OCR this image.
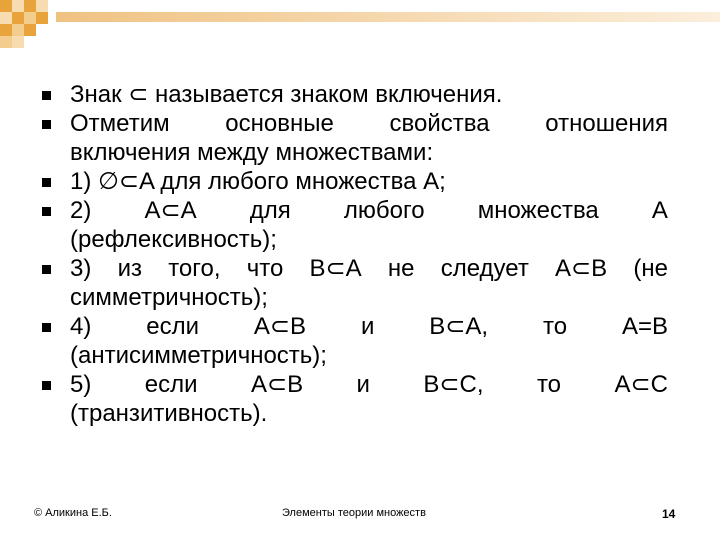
Знак ⊂ называется знаком включения.
Отметим основные свойства отношения
включения между множествами:
1) ∅⊂A для любого множества A;
2) A⊂A для любого множества A
(рефлексивность);
3) из того, что B⊂A не следует A⊂B (не
симметричность);
4) если A⊂B и B⊂A, то A=B
(антисимметричность);
5) если A⊂B и B⊂C, то A⊂C
(транзитивность).
© Аликина Е.Б.	Элементы теории множеств	14
